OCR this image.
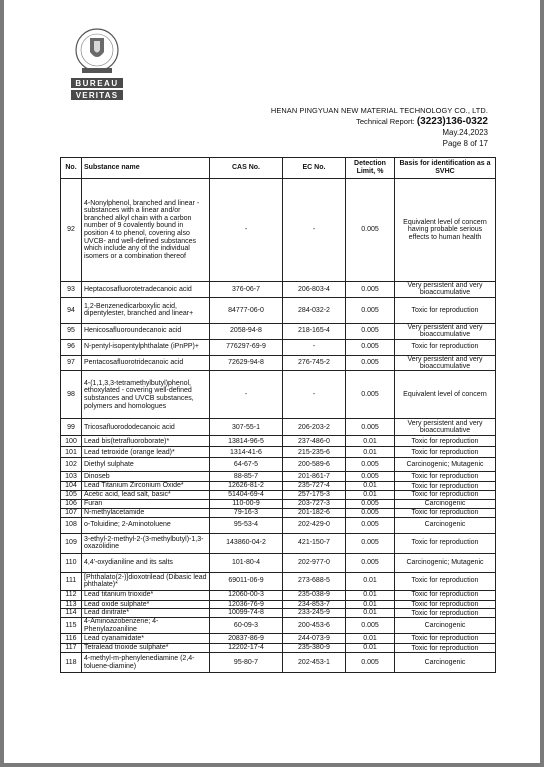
BUREAU
VERITAS
HENAN PINGYUAN NEW MATERIAL TECHNOLOGY CO., LTD.
Technical Report: (3223)136-0322
May.24,2023
Page 8 of 17
No.	Substance name	CAS No.	EC No.	Detection Limit, %	Basis for identification as a SVHC
92	4-Nonylphenol, branched and linear - substances with a linear and/or branched alkyl chain with a carbon number of 9 covalently bound in position 4 to phenol, covering also UVCB- and well-defined substances which include any of the individual isomers or a combination thereof	-	-	0.005	Equivalent level of concern having probable serious effects to human health
93	Heptacosafluorotetradecanoic acid	376-06-7	206-803-4	0.005	Very persistent and very bioaccumulative
94	1,2-Benzenedicarboxylic acid, dipentylester, branched and linear+	84777-06-0	284-032-2	0.005	Toxic for reproduction
95	Henicosafluoroundecanoic acid	2058-94-8	218-165-4	0.005	Very persistent and very bioaccumulative
96	N-pentyl-isopentylphthalate (iPnPP)+	776297-69-9	-	0.005	Toxic for reproduction
97	Pentacosafluorotridecanoic acid	72629-94-8	276-745-2	0.005	Very persistent and very bioaccumulative
98	4-(1,1,3,3-tetramethylbutyl)phenol, ethoxylated - covering well-defined substances and UVCB substances, polymers and homologues	-	-	0.005	Equivalent level of concern
99	Tricosafluorododecanoic acid	307-55-1	206-203-2	0.005	Very persistent and very bioaccumulative
100	Lead bis(tetrafluoroborate)*	13814-96-5	237-486-0	0.01	Toxic for reproduction
101	Lead tetroxide (orange lead)*	1314-41-6	215-235-6	0.01	Toxic for reproduction
102	Diethyl sulphate	64-67-5	200-589-6	0.005	Carcinogenic; Mutagenic
103	Dinoseb	88-85-7	201-861-7	0.005	Toxic for reproduction
104	Lead Titanium Zirconium Oxide*	12626-81-2	235-727-4	0.01	Toxic for reproduction
105	Acetic acid, lead salt, basic*	51404-69-4	257-175-3	0.01	Toxic for reproduction
106	Furan	110-00-9	203-727-3	0.005	Carcinogenic
107	N-methylacetamide	79-16-3	201-182-6	0.005	Toxic for reproduction
108	o-Toluidine; 2-Aminotoluene	95-53-4	202-429-0	0.005	Carcinogenic
109	3-ethyl-2-methyl-2-(3-methylbutyl)-1,3-oxazolidine	143860-04-2	421-150-7	0.005	Toxic for reproduction
110	4,4'-oxydianiline and its salts	101-80-4	202-977-0	0.005	Carcinogenic; Mutagenic
111	[Phthalato(2-)]dioxotrilead (Dibasic lead phthalate)*	69011-06-9	273-688-5	0.01	Toxic for reproduction
112	Lead titanium trioxide*	12060-00-3	235-038-9	0.01	Toxic for reproduction
113	Lead oxide sulphate*	12036-76-9	234-853-7	0.01	Toxic for reproduction
114	Lead dinitrate*	10099-74-8	233-245-9	0.01	Toxic for reproduction
115	4-Aminoazobenzene; 4-Phenylazoaniline	60-09-3	200-453-6	0.005	Carcinogenic
116	Lead cyanamidate*	20837-86-9	244-073-9	0.01	Toxic for reproduction
117	Tetralead trioxide sulphate*	12202-17-4	235-380-9	0.01	Toxic for reproduction
118	4-methyl-m-phenylenediamine (2,4-toluene-diamine)	95-80-7	202-453-1	0.005	Carcinogenic
